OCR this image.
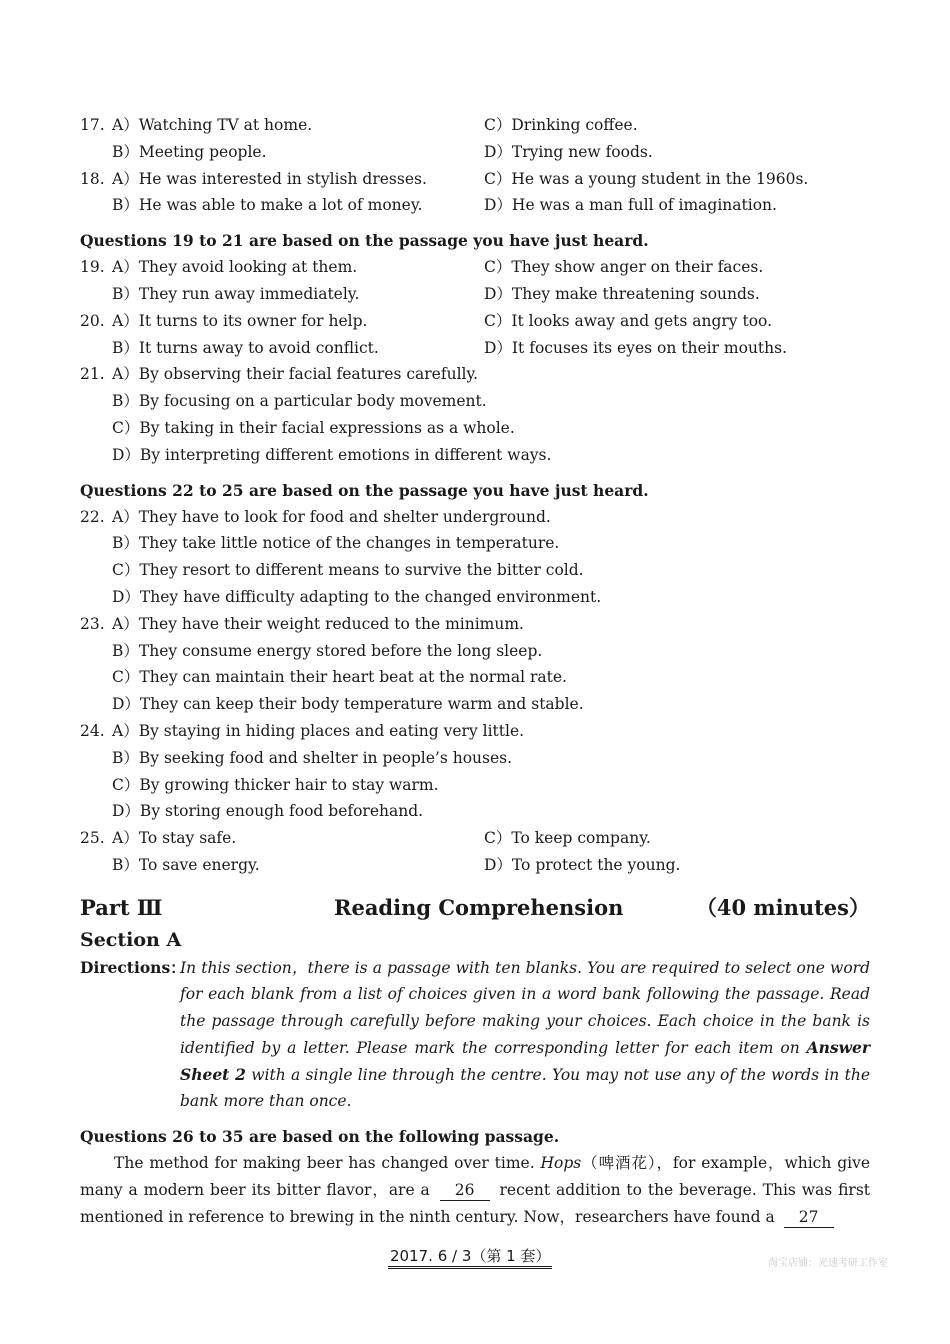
17. A）Watching TV at home.	C）Drinking coffee.
B）Meeting people.	D）Trying new foods.
18. A）He was interested in stylish dresses.	C）He was a young student in the 1960s.
B）He was able to make a lot of money.	D）He was a man full of imagination.
Questions 19 to 21 are based on the passage you have just heard.
19. A）They avoid looking at them.	C）They show anger on their faces.
B）They run away immediately.	D）They make threatening sounds.
20. A）It turns to its owner for help.	C）It looks away and gets angry too.
B）It turns away to avoid conflict.	D）It focuses its eyes on their mouths.
21. A）By observing their facial features carefully.
B）By focusing on a particular body movement.
C）By taking in their facial expressions as a whole.
D）By interpreting different emotions in different ways.
Questions 22 to 25 are based on the passage you have just heard.
22. A）They have to look for food and shelter underground.
B）They take little notice of the changes in temperature.
C）They resort to different means to survive the bitter cold.
D）They have difficulty adapting to the changed environment.
23. A）They have their weight reduced to the minimum.
B）They consume energy stored before the long sleep.
C）They can maintain their heart beat at the normal rate.
D）They can keep their body temperature warm and stable.
24. A）By staying in hiding places and eating very little.
B）By seeking food and shelter in people’s houses.
C）By growing thicker hair to stay warm.
D）By storing enough food beforehand.
25. A）To stay safe.	C）To keep company.
B）To save energy.	D）To protect the young.
Part Ⅲ	Reading Comprehension	（40 minutes）
Section A
Directions：
In this section，there is a passage with ten blanks. You are required to select one word for each blank from a list of choices given in a word bank following the passage. Read the passage through carefully before making your choices. Each choice in the bank is identified by a letter. Please mark the corresponding letter for each item on Answer Sheet 2 with a single line through the centre. You may not use any of the words in the bank more than once.
Questions 26 to 35 are based on the following passage.
The method for making beer has changed over time. Hops（啤酒花），for example，which give many a modern beer its bitter flavor，are a 26 recent addition to the beverage. This was first mentioned in reference to brewing in the ninth century. Now，researchers have found a 27
2017. 6 / 3（第 1 套）	淘宝店铺：光速考研工作室
